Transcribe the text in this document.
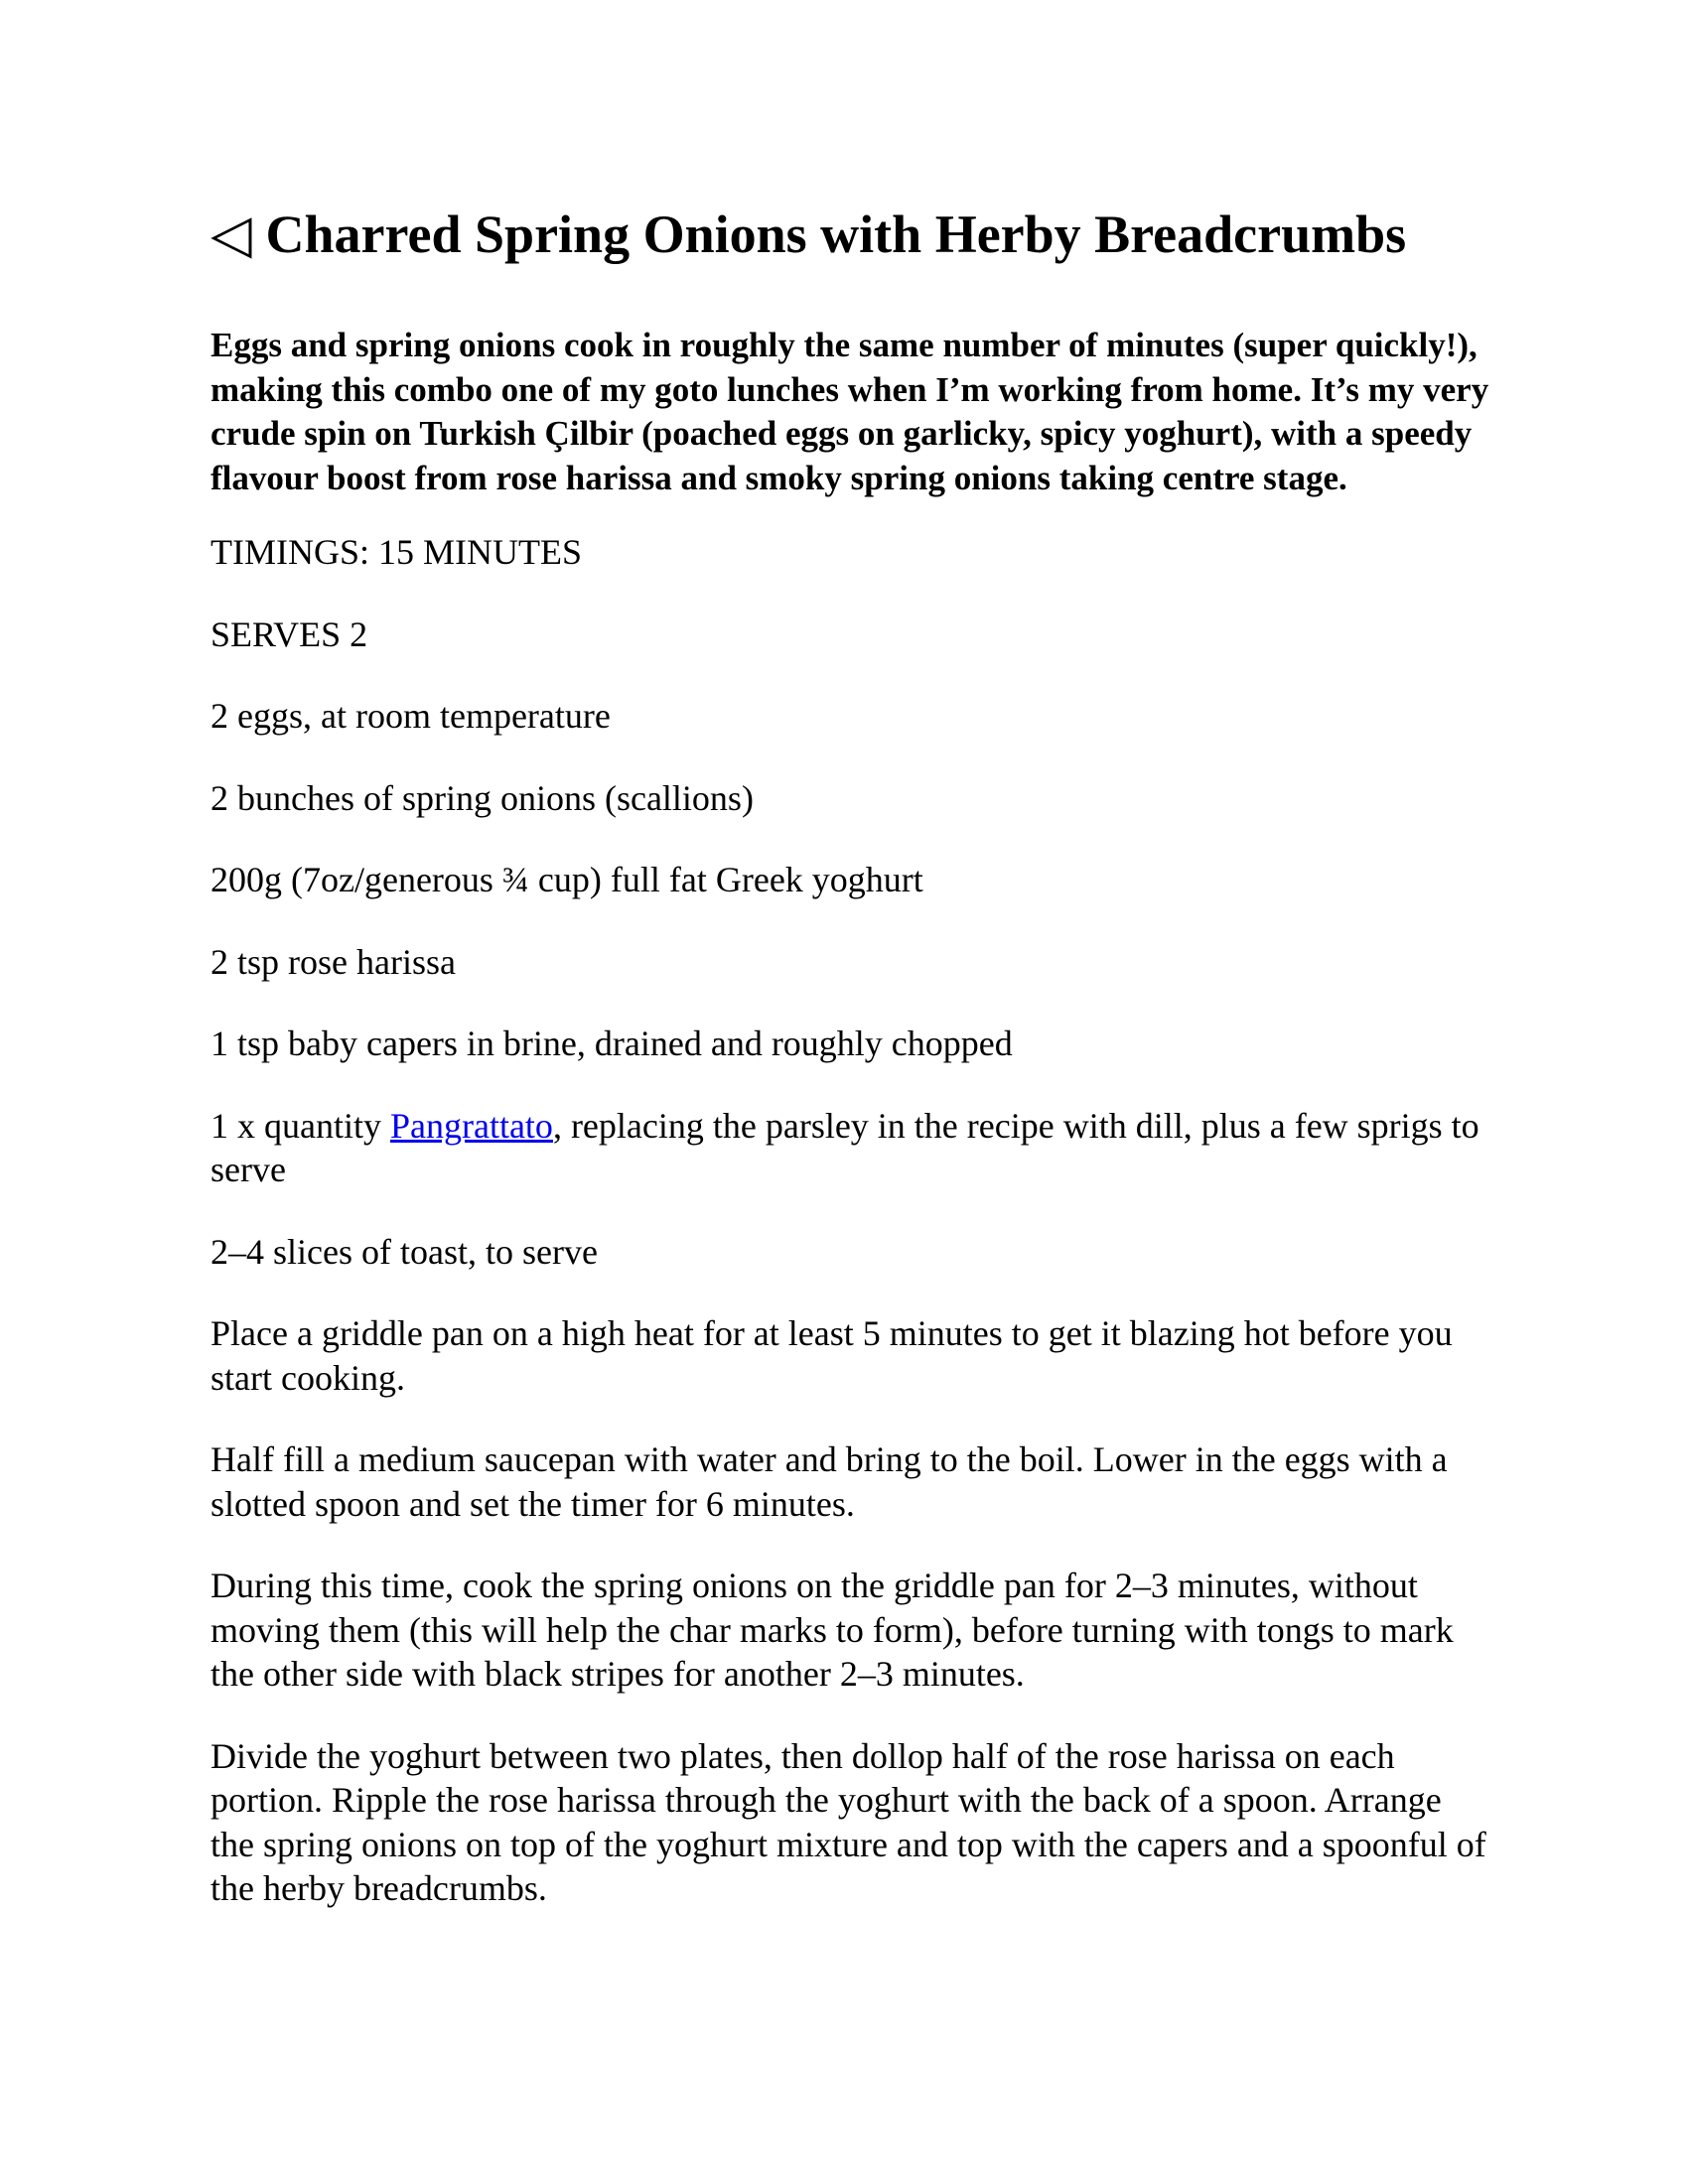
◁ Charred Spring Onions with Herby Breadcrumbs

Eggs and spring onions cook in roughly the same number of minutes (super quickly!), making this combo one of my goto lunches when I’m working from home. It’s my very crude spin on Turkish Çilbir (poached eggs on garlicky, spicy yoghurt), with a speedy flavour boost from rose harissa and smoky spring onions taking centre stage.

TIMINGS: 15 MINUTES

SERVES 2

2 eggs, at room temperature

2 bunches of spring onions (scallions)

200g (7oz/generous ¾ cup) full fat Greek yoghurt

2 tsp rose harissa

1 tsp baby capers in brine, drained and roughly chopped

1 x quantity Pangrattato, replacing the parsley in the recipe with dill, plus a few sprigs to serve

2–4 slices of toast, to serve

Place a griddle pan on a high heat for at least 5 minutes to get it blazing hot before you start cooking.

Half fill a medium saucepan with water and bring to the boil. Lower in the eggs with a slotted spoon and set the timer for 6 minutes.

During this time, cook the spring onions on the griddle pan for 2–3 minutes, without moving them (this will help the char marks to form), before turning with tongs to mark the other side with black stripes for another 2–3 minutes.

Divide the yoghurt between two plates, then dollop half of the rose harissa on each portion. Ripple the rose harissa through the yoghurt with the back of a spoon. Arrange the spring onions on top of the yoghurt mixture and top with the capers and a spoonful of the herby breadcrumbs.
